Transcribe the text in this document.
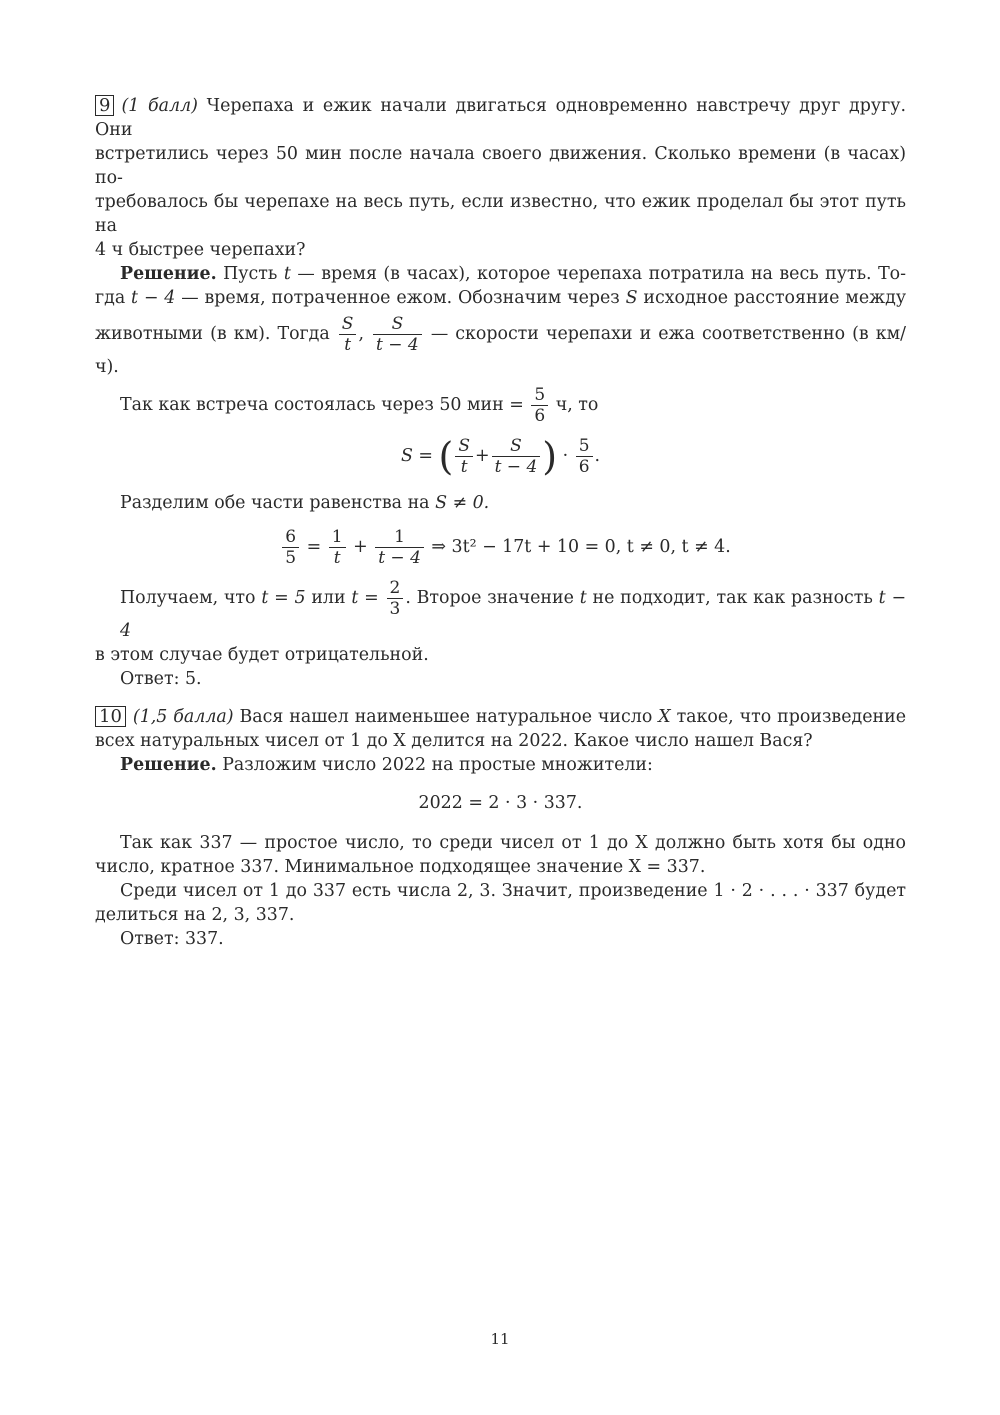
9 (1 балл) Черепаха и ежик начали двигаться одновременно навстречу друг другу. Они
встретились через 50 мин после начала своего движения. Сколько времени (в часах) по-
требовалось бы черепахе на весь путь, если известно, что ежик проделал бы этот путь на
4 ч быстрее черепахи?
Решение. Пусть t — время (в часах), которое черепаха потратила на весь путь. То-
гда t − 4 — время, потраченное ежом. Обозначим через S исходное расстояние между
животными (в км). Тогда $\frac{S}{t}$ , $\frac{S}{t - 4}$ — скорости черепахи и ежа соответственно (в км/ч).
Так как встреча состоялась через 50 мин = $\frac{5}{6} ч$, то
S = ( $\frac{S}{t} + \frac{S}{t - 4}$ ) · $\frac{5}{6}$ .

Разделим обе части равенства на S ≠ 0.

$\frac{6}{5} = \frac{1}{t} + \frac{1}{t - 4}$ ⇒ 3t² − 17t + 10 = 0, t ≠ 0, t ≠ 4.
Получаем, что t = 5 или $t = \frac{2}{3}$ . Второе значение t не подходит, так как разность t − 4
в этом случае будет отрицательной.

Ответ: 5.

10 (1,5 балла) Вася нашел наименьшее натуральное число X такое, что произведение
всех натуральных чисел от 1 до X делится на 2022. Какое число нашел Вася?

Решение. Разложим число 2022 на простые множители:

2022 = 2 · 3 · 337.

Так как 337 — простое число, то среди чисел от 1 до X должно быть хотя бы одно
число, кратное 337. Минимальное подходящее значение X = 337.
Среди чисел от 1 до 337 есть числа 2, 3. Значит, произведение 1 · 2 · . . . · 337 будет
делиться на 2, 3, 337.

Ответ: 337.

11
